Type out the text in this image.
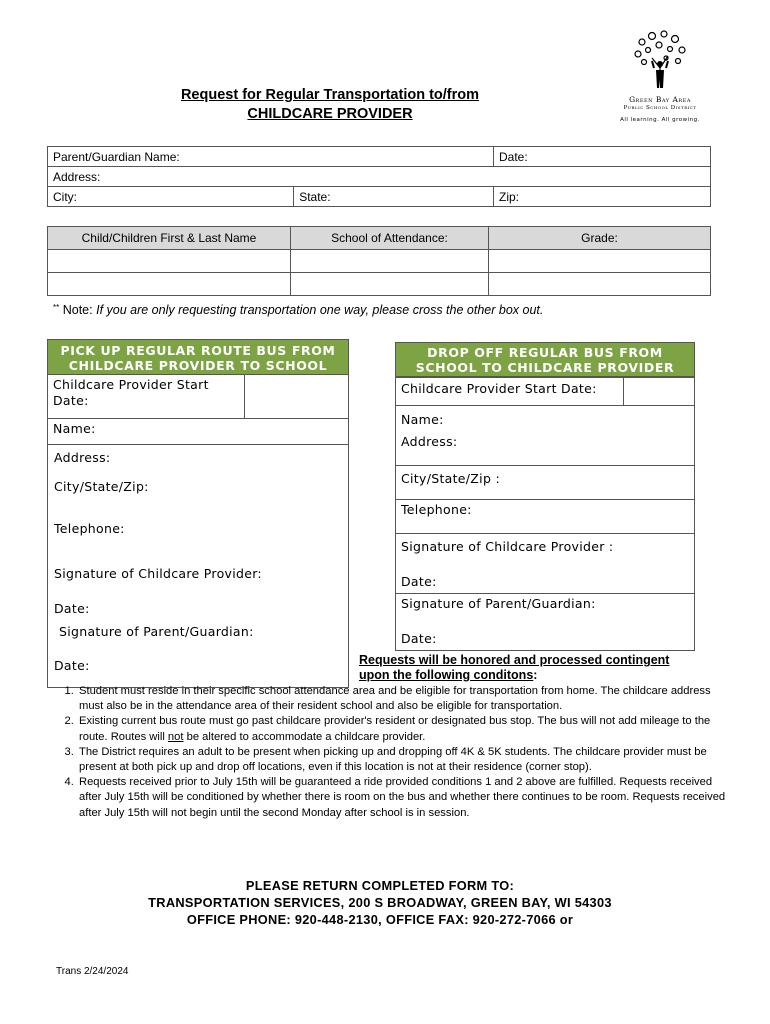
Request for Regular Transportation to/from
CHILDCARE PROVIDER
Green Bay Area
Public School District
All learning. All growing.
Parent/Guardian Name:		Date:
Address:		
City:	State:	Zip:
Child/Children First & Last Name	School of Attendance:	Grade:

** Note: If you are only requesting transportation one way, please cross the other box out.
PICK UP REGULAR ROUTE BUS FROM CHILDCARE PROVIDER TO SCHOOL
Childcare Provider Start Date:
Name:
Address:
City/State/Zip:
Telephone:
Signature of Childcare Provider:
Date:
Signature of Parent/Guardian:
Date:
DROP OFF REGULAR BUS FROM SCHOOL TO CHILDCARE PROVIDER
Childcare Provider Start Date:
Name:
Address:
City/State/Zip :
Telephone:
Signature of Childcare Provider :
Date:
Signature of Parent/Guardian:
Date:
Requests will be honored and processed contingent
upon the following conditons:
1. Student must reside in their specific school attendance area and be eligible for transportation from home. The childcare address must also be in the attendance area of their resident school and also be eligible for transportation.
2. Existing current bus route must go past childcare provider's resident or designated bus stop. The bus will not add mileage to the route. Routes will not be altered to accommodate a childcare provider.
3. The District requires an adult to be present when picking up and dropping off 4K & 5K students. The childcare provider must be present at both pick up and drop off locations, even if this location is not at their residence (corner stop).
4. Requests received prior to July 15th will be guaranteed a ride provided conditions 1 and 2 above are fulfilled. Requests received after July 15th will be conditioned by whether there is room on the bus and whether there continues to be room. Requests received after July 15th will not begin until the second Monday after school is in session.
PLEASE RETURN COMPLETED FORM TO:
TRANSPORTATION SERVICES, 200 S BROADWAY, GREEN BAY, WI 54303
OFFICE PHONE: 920-448-2130, OFFICE FAX: 920-272-7066 or
Trans 2/24/2024
